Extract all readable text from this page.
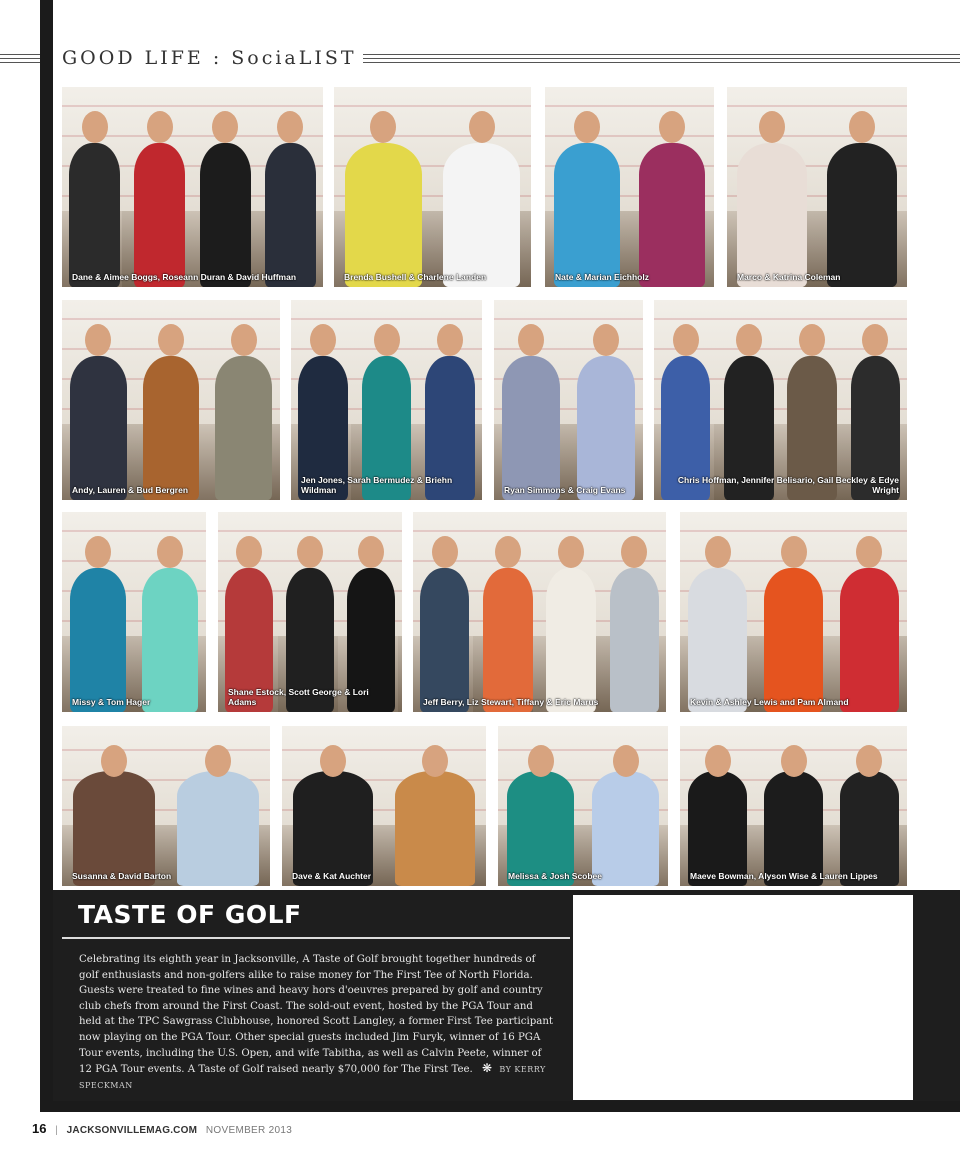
GOOD LIFE : SociaLIST
Dane & Aimee Boggs, Roseann Duran & David Huffman	Brenda Bushell & Charlene Landen	Nate & Marian Eichholz	Marco & Katrina Coleman
Andy, Lauren & Bud Bergren
Jen Jones, Sarah Bermudez & Briehn Wildman	Ryan Simmons & Craig Evans
Chris Hoffman, Jennifer Belisario, Gail Beckley & Edye Wright
Missy & Tom Hager
Shane Estock, Scott George & Lori Adams	Jeff Berry, Liz Stewart, Tiffany & Eric Marus	Kevin & Ashley Lewis and Pam Almand
Susanna & David Barton	Dave & Kat Auchter	Melissa & Josh Scobee	Maeve Bowman, Alyson Wise & Lauren Lippes
TASTE OF GOLF
Celebrating its eighth year in Jacksonville, A Taste of Golf brought together hundreds of golf enthusiasts and non-golfers alike to raise money for The First Tee of North Florida. Guests were treated to fine wines and heavy hors d'oeuvres prepared by golf and country club chefs from around the First Coast. The sold-out event, hosted by the PGA Tour and held at the TPC Sawgrass Clubhouse, honored Scott Langley, a former First Tee participant now playing on the PGA Tour. Other special guests included Jim Furyk, winner of 16 PGA Tour events, including the U.S. Open, and wife Tabitha, as well as Calvin Peete, winner of 12 PGA Tour events. A Taste of Golf raised nearly $70,000 for The First Tee. ❋ BY KERRY SPECKMAN
16 | JACKSONVILLEMAG.COM NOVEMBER 2013
